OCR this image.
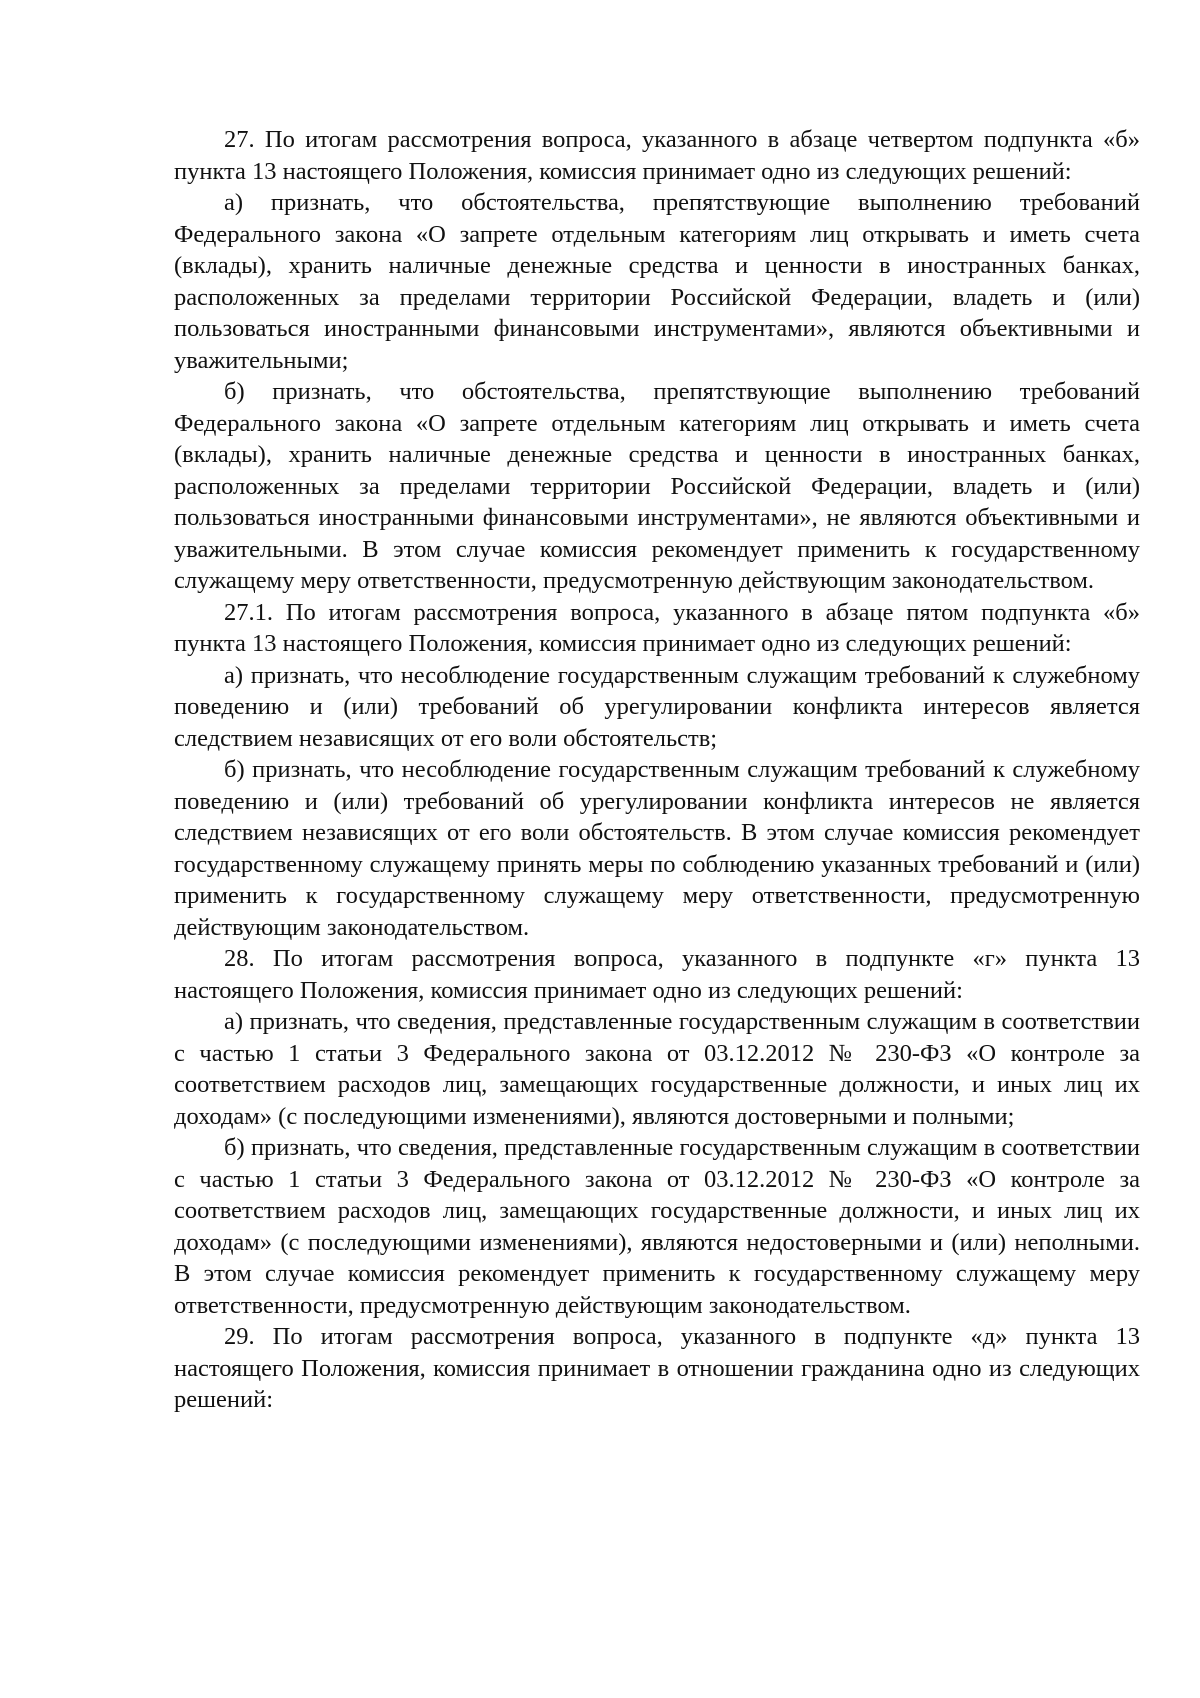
27. По итогам рассмотрения вопроса, указанного в абзаце четвертом подпункта «б» пункта 13 настоящего Положения, комиссия принимает одно из следующих решений:

а) признать, что обстоятельства, препятствующие выполнению требований Федерального закона «О запрете отдельным категориям лиц открывать и иметь счета (вклады), хранить наличные денежные средства и ценности в иностранных банках, расположенных за пределами территории Российской Федерации, владеть и (или) пользоваться иностранными финансовыми инструментами», являются объективными и уважительными;

б) признать, что обстоятельства, препятствующие выполнению требований Федерального закона «О запрете отдельным категориям лиц открывать и иметь счета (вклады), хранить наличные денежные средства и ценности в иностранных банках, расположенных за пределами территории Российской Федерации, владеть и (или) пользоваться иностранными финансовыми инструментами», не являются объективными и уважительными. В этом случае комиссия рекомендует применить к государственному служащему меру ответственности, предусмотренную действующим законодательством.

27.1. По итогам рассмотрения вопроса, указанного в абзаце пятом подпункта «б» пункта 13 настоящего Положения, комиссия принимает одно из следующих решений:

а) признать, что несоблюдение государственным служащим требований к служебному поведению и (или) требований об урегулировании конфликта интересов является следствием независящих от его воли обстоятельств;

б) признать, что несоблюдение государственным служащим требований к служебному поведению и (или) требований об урегулировании конфликта интересов не является следствием независящих от его воли обстоятельств. В этом случае комиссия рекомендует государственному служащему принять меры по соблюдению указанных требований и (или) применить к государственному служащему меру ответственности, предусмотренную действующим законодательством.

28. По итогам рассмотрения вопроса, указанного в подпункте «г» пункта 13 настоящего Положения, комиссия принимает одно из следующих решений:

а) признать, что сведения, представленные государственным служащим в соответствии с частью 1 статьи 3 Федерального закона от 03.12.2012 № 230-ФЗ «О контроле за соответствием расходов лиц, замещающих государственные должности, и иных лиц их доходам» (с последующими изменениями), являются достоверными и полными;

б) признать, что сведения, представленные государственным служащим в соответствии с частью 1 статьи 3 Федерального закона от 03.12.2012 № 230-ФЗ «О контроле за соответствием расходов лиц, замещающих государственные должности, и иных лиц их доходам» (с последующими изменениями), являются недостоверными и (или) неполными. В этом случае комиссия рекомендует применить к государственному служащему меру ответственности, предусмотренную действующим законодательством.

29. По итогам рассмотрения вопроса, указанного в подпункте «д» пункта 13 настоящего Положения, комиссия принимает в отношении гражданина одно из следующих решений:
